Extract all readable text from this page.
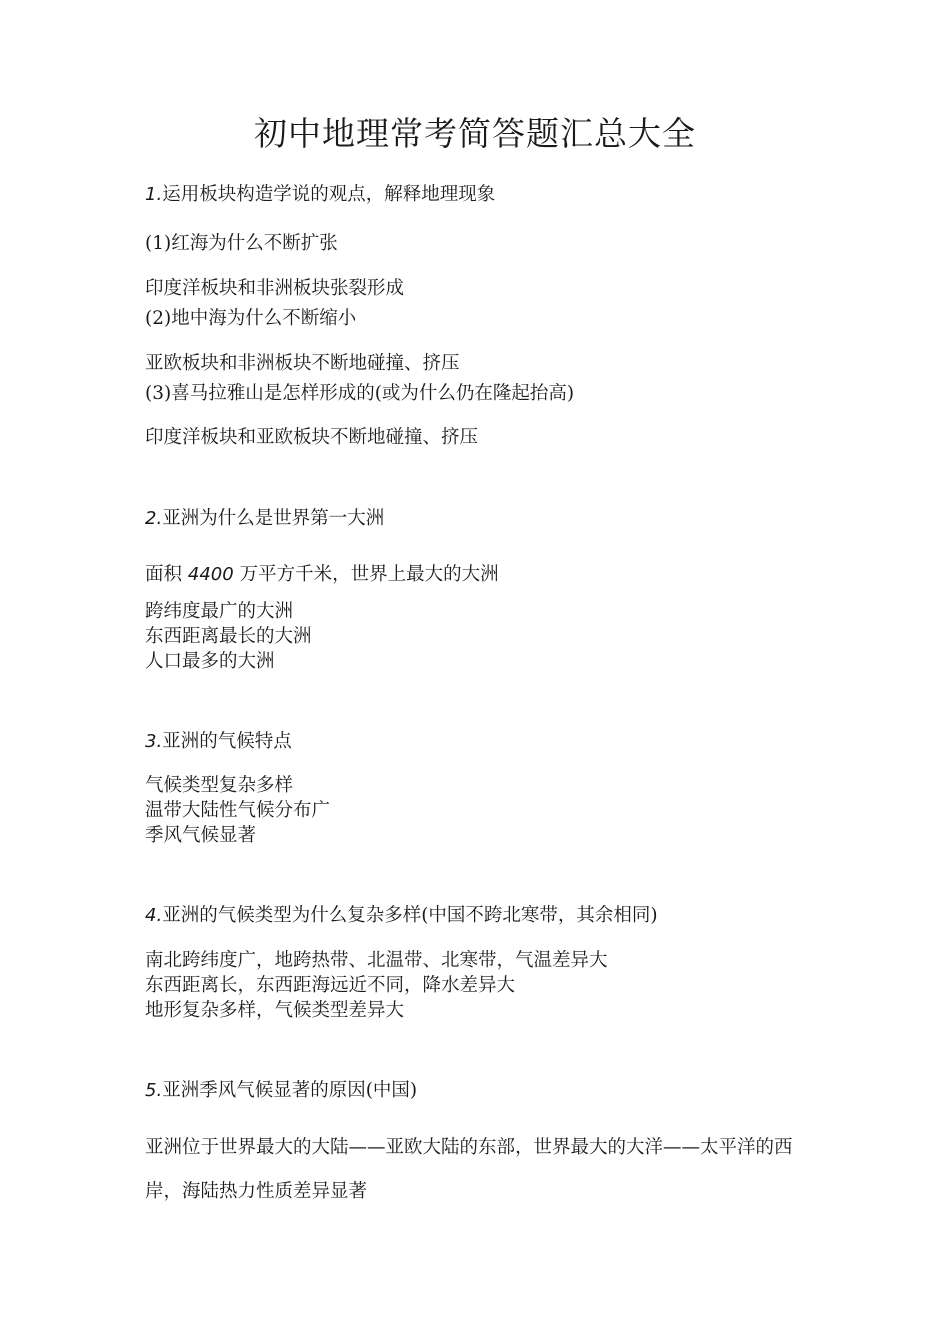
初中地理常考简答题汇总大全
1.运用板块构造学说的观点，解释地理现象
(1)红海为什么不断扩张
印度洋板块和非洲板块张裂形成
(2)地中海为什么不断缩小
亚欧板块和非洲板块不断地碰撞、挤压
(3)喜马拉雅山是怎样形成的(或为什么仍在隆起抬高)
印度洋板块和亚欧板块不断地碰撞、挤压
2.亚洲为什么是世界第一大洲
面积 4400 万平方千米，世界上最大的大洲
跨纬度最广的大洲
东西距离最长的大洲
人口最多的大洲
3.亚洲的气候特点
气候类型复杂多样
温带大陆性气候分布广
季风气候显著
4.亚洲的气候类型为什么复杂多样(中国不跨北寒带，其余相同)
南北跨纬度广，地跨热带、北温带、北寒带，气温差异大
东西距离长，东西距海远近不同，降水差异大
地形复杂多样，气候类型差异大
5.亚洲季风气候显著的原因(中国)
亚洲位于世界最大的大陆——亚欧大陆的东部，世界最大的大洋——太平洋的西岸，海陆热力性质差异显著
